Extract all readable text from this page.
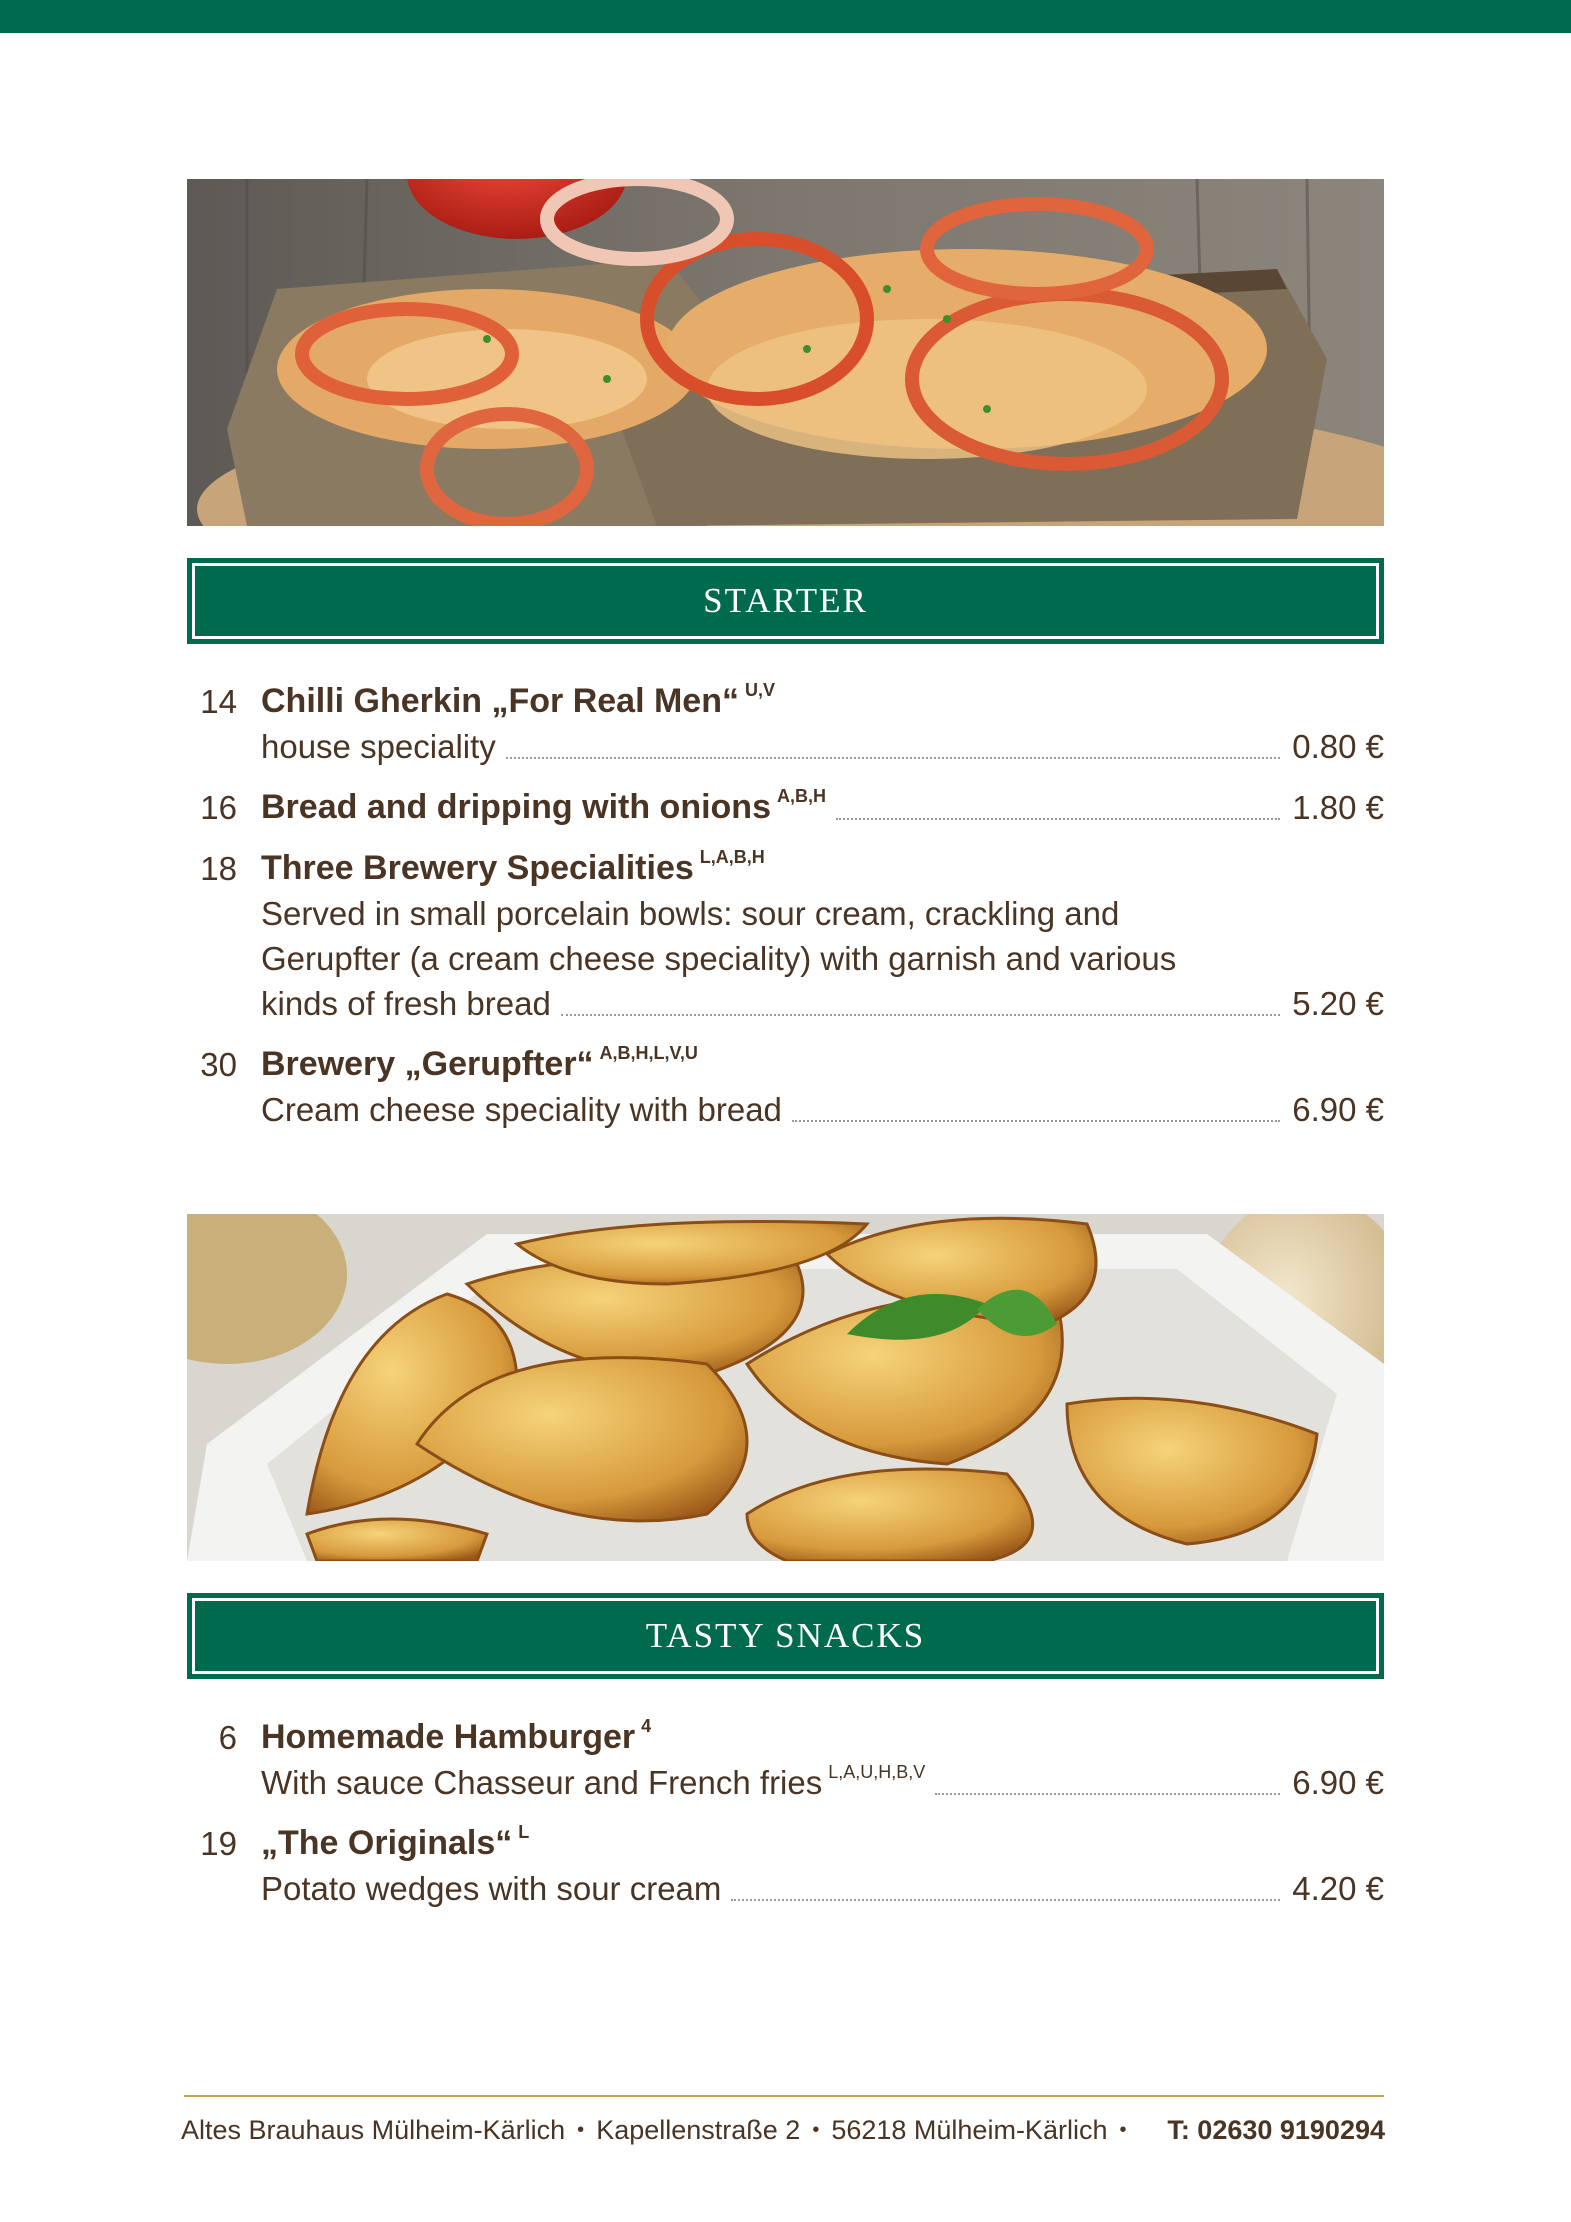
STARTER
14 Chilli Gherkin „For Real Men“ $^{U,V}$
house speciality	0.80 €
16 Bread and dripping with onions $^{A,B,H}$	1.80 €
18 Three Brewery Specialities $^{L,A,B,H}$
Served in small porcelain bowls: sour cream, crackling and
Gerupfter (a cream cheese speciality) with garnish and various
kinds of fresh bread	5.20 €
30 Brewery „Gerupfter“ $^{A,B,H,L,V,U}$
Cream cheese speciality with bread	6.90 €
TASTY SNACKS
6 Homemade Hamburger $^4$
With sauce Chasseur and French fries $^{L,A,U,H,B,V}$	6.90 €
19 „The Originals“ $^L$
Potato wedges with sour cream	4.20 €
Altes Brauhaus Mülheim-Kärlich • Kapellenstraße 2 • 56218 Mülheim-Kärlich • T: 02630 9190294
